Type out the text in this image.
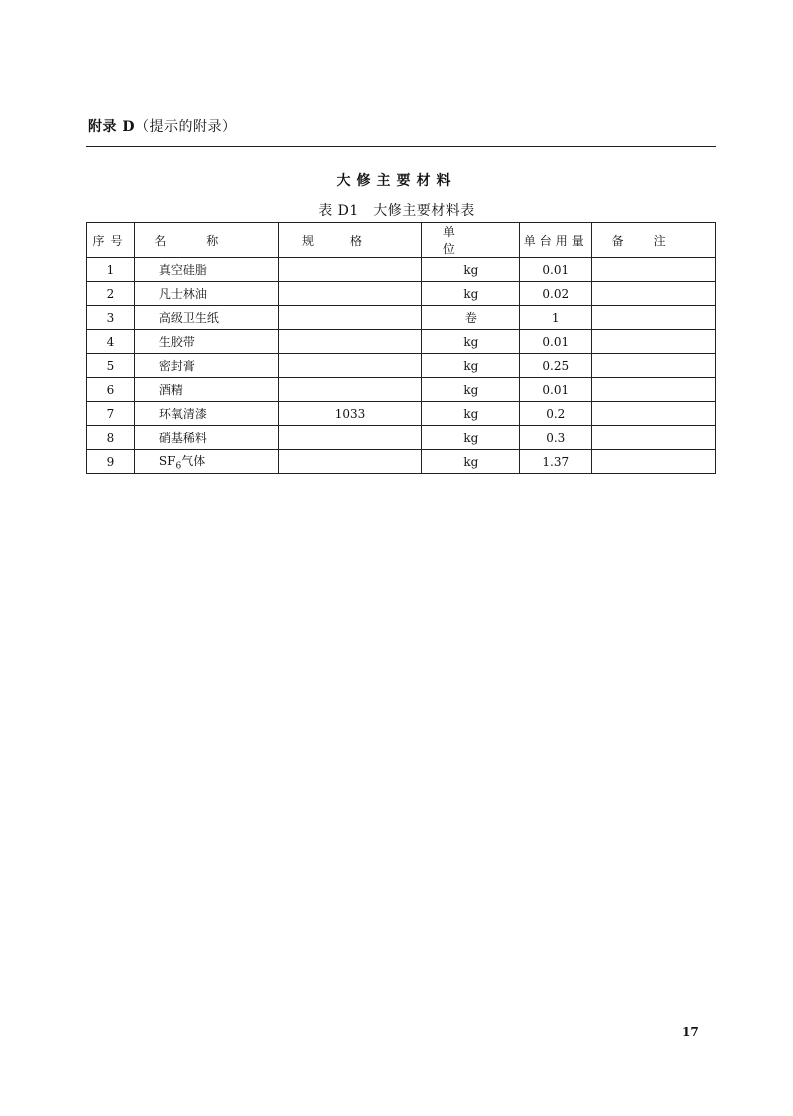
附录 D（提示的附录）
大修主要材料
表 D1　大修主要材料表
序号	名称	规格	单位	单台用量	备注
1	真空硅脂		kg	0.01	
2	凡士林油		kg	0.02	
3	高级卫生纸		卷	1	
4	生胶带		kg	0.01	
5	密封膏		kg	0.25	
6	酒精		kg	0.01	
7	环氧清漆	1033	kg	0.2	
8	硝基稀料		kg	0.3	
9	$SF_6$气体		kg	1.37	
17
